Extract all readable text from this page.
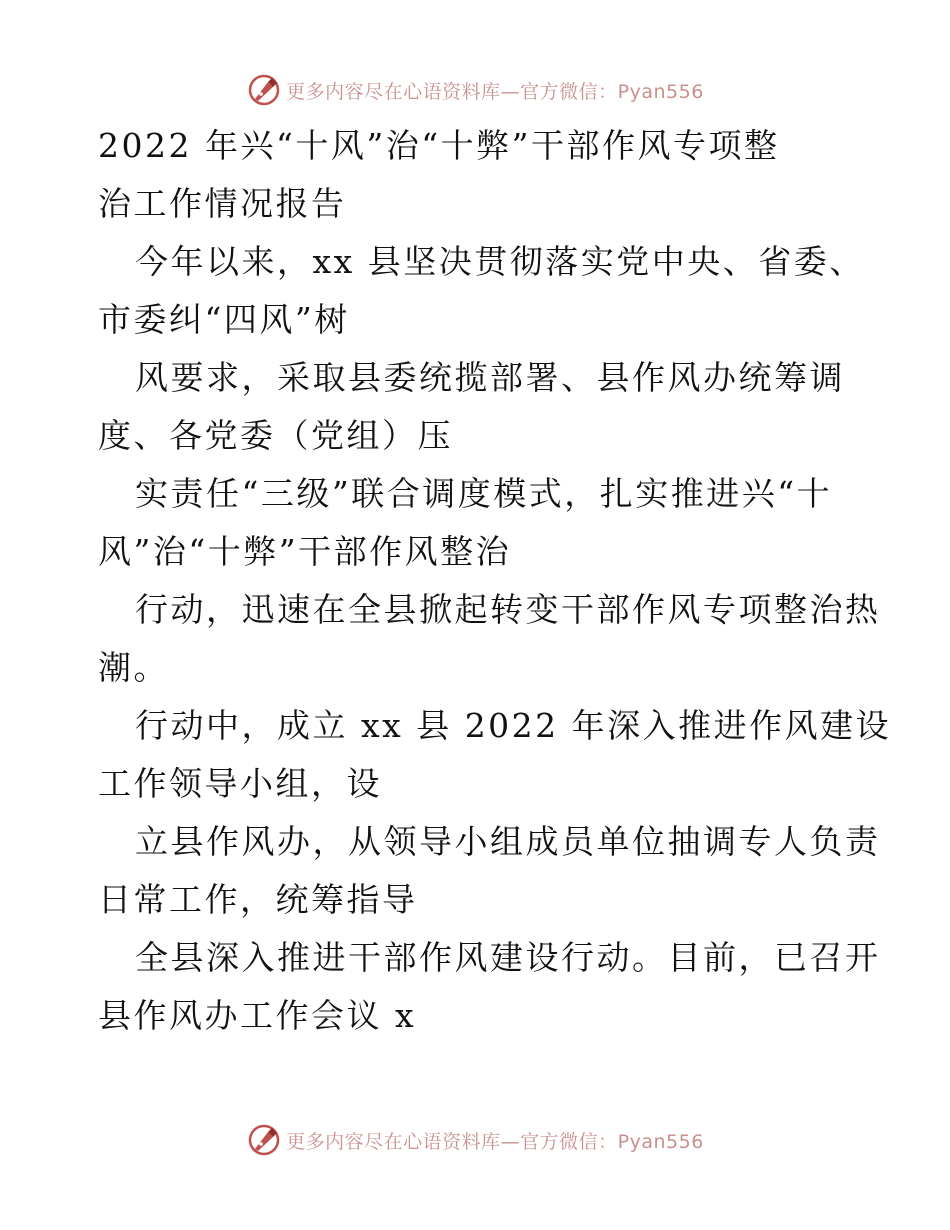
更多内容尽在心语资料库—官方微信：Pyan556
2022 年兴“十风”治“十弊”干部作风专项整
治工作情况报告
今年以来，xx 县坚决贯彻落实党中央、省委、
市委纠“四风”树
风要求，采取县委统揽部署、县作风办统筹调
度、各党委（党组）压
实责任“三级”联合调度模式，扎实推进兴“十
风”治“十弊”干部作风整治
行动，迅速在全县掀起转变干部作风专项整治热
潮。
行动中，成立 xx 县 2022 年深入推进作风建设
工作领导小组，设
立县作风办，从领导小组成员单位抽调专人负责
日常工作，统筹指导
全县深入推进干部作风建设行动。目前，已召开
县作风办工作会议 x
更多内容尽在心语资料库—官方微信：Pyan556
